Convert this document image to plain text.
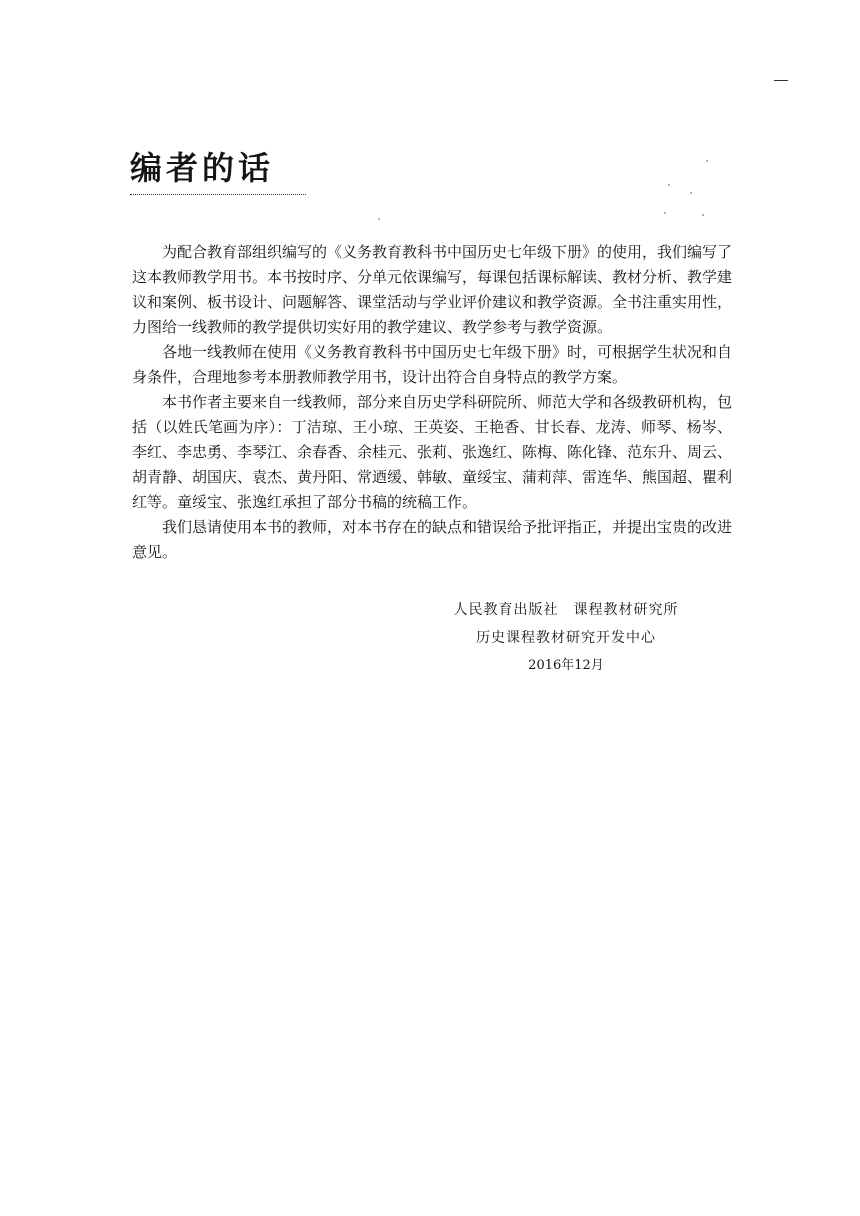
编者的话

为配合教育部组织编写的《义务教育教科书中国历史七年级下册》的使用，我们编写了这本教师教学用书。本书按时序、分单元依课编写，每课包括课标解读、教材分析、教学建议和案例、板书设计、问题解答、课堂活动与学业评价建议和教学资源。全书注重实用性，力图给一线教师的教学提供切实好用的教学建议、教学参考与教学资源。

各地一线教师在使用《义务教育教科书中国历史七年级下册》时，可根据学生状况和自身条件，合理地参考本册教师教学用书，设计出符合自身特点的教学方案。

本书作者主要来自一线教师，部分来自历史学科研院所、师范大学和各级教研机构，包括（以姓氏笔画为序）：丁洁琼、王小琼、王英姿、王艳香、甘长春、龙涛、师琴、杨岑、李红、李忠勇、李琴江、余春香、余桂元、张莉、张逸红、陈梅、陈化锋、范东升、周云、胡青静、胡国庆、袁杰、黄丹阳、常迺缓、韩敏、童绥宝、蒲莉萍、雷连华、熊国超、瞿利红等。童绥宝、张逸红承担了部分书稿的统稿工作。

我们恳请使用本书的教师，对本书存在的缺点和错误给予批评指正，并提出宝贵的改进意见。

人民教育出版社　课程教材研究所
历史课程教材研究开发中心
2016年12月
